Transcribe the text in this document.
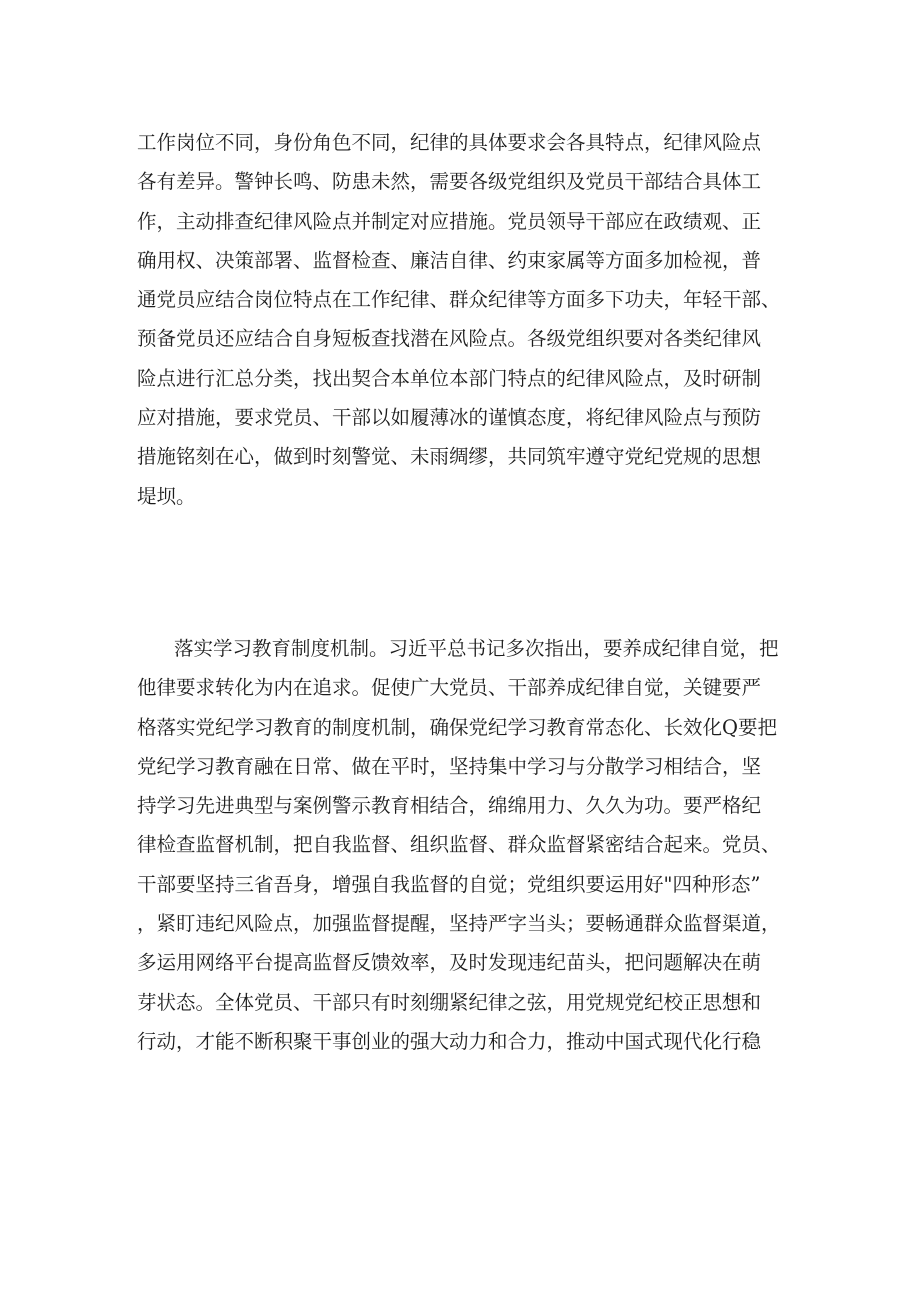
工作岗位不同，身份角色不同，纪律的具体要求会各具特点，纪律风险点
各有差异。警钟长鸣、防患未然，需要各级党组织及党员干部结合具体工
作，主动排查纪律风险点并制定对应措施。党员领导干部应在政绩观、正
确用权、决策部署、监督检查、廉洁自律、约束家属等方面多加检视，普
通党员应结合岗位特点在工作纪律、群众纪律等方面多下功夫，年轻干部、
预备党员还应结合自身短板查找潜在风险点。各级党组织要对各类纪律风
险点进行汇总分类，找出契合本单位本部门特点的纪律风险点，及时研制
应对措施，要求党员、干部以如履薄冰的谨慎态度，将纪律风险点与预防
措施铭刻在心，做到时刻警觉、未雨绸缪，共同筑牢遵守党纪党规的思想
堤坝。
落实学习教育制度机制。习近平总书记多次指出，要养成纪律自觉，把
他律要求转化为内在追求。促使广大党员、干部养成纪律自觉，关键要严
格落实党纪学习教育的制度机制，确保党纪学习教育常态化、长效化Q要把
党纪学习教育融在日常、做在平时，坚持集中学习与分散学习相结合，坚
持学习先进典型与案例警示教育相结合，绵绵用力、久久为功。要严格纪
律检查监督机制，把自我监督、组织监督、群众监督紧密结合起来。党员、
干部要坚持三省吾身，增强自我监督的自觉；党组织要运用好"四种形态”
，紧盯违纪风险点，加强监督提醒，坚持严字当头；要畅通群众监督渠道，
多运用网络平台提高监督反馈效率，及时发现违纪苗头，把问题解决在萌
芽状态。全体党员、干部只有时刻绷紧纪律之弦，用党规党纪校正思想和
行动，才能不断积聚干事创业的强大动力和合力，推动中国式现代化行稳
